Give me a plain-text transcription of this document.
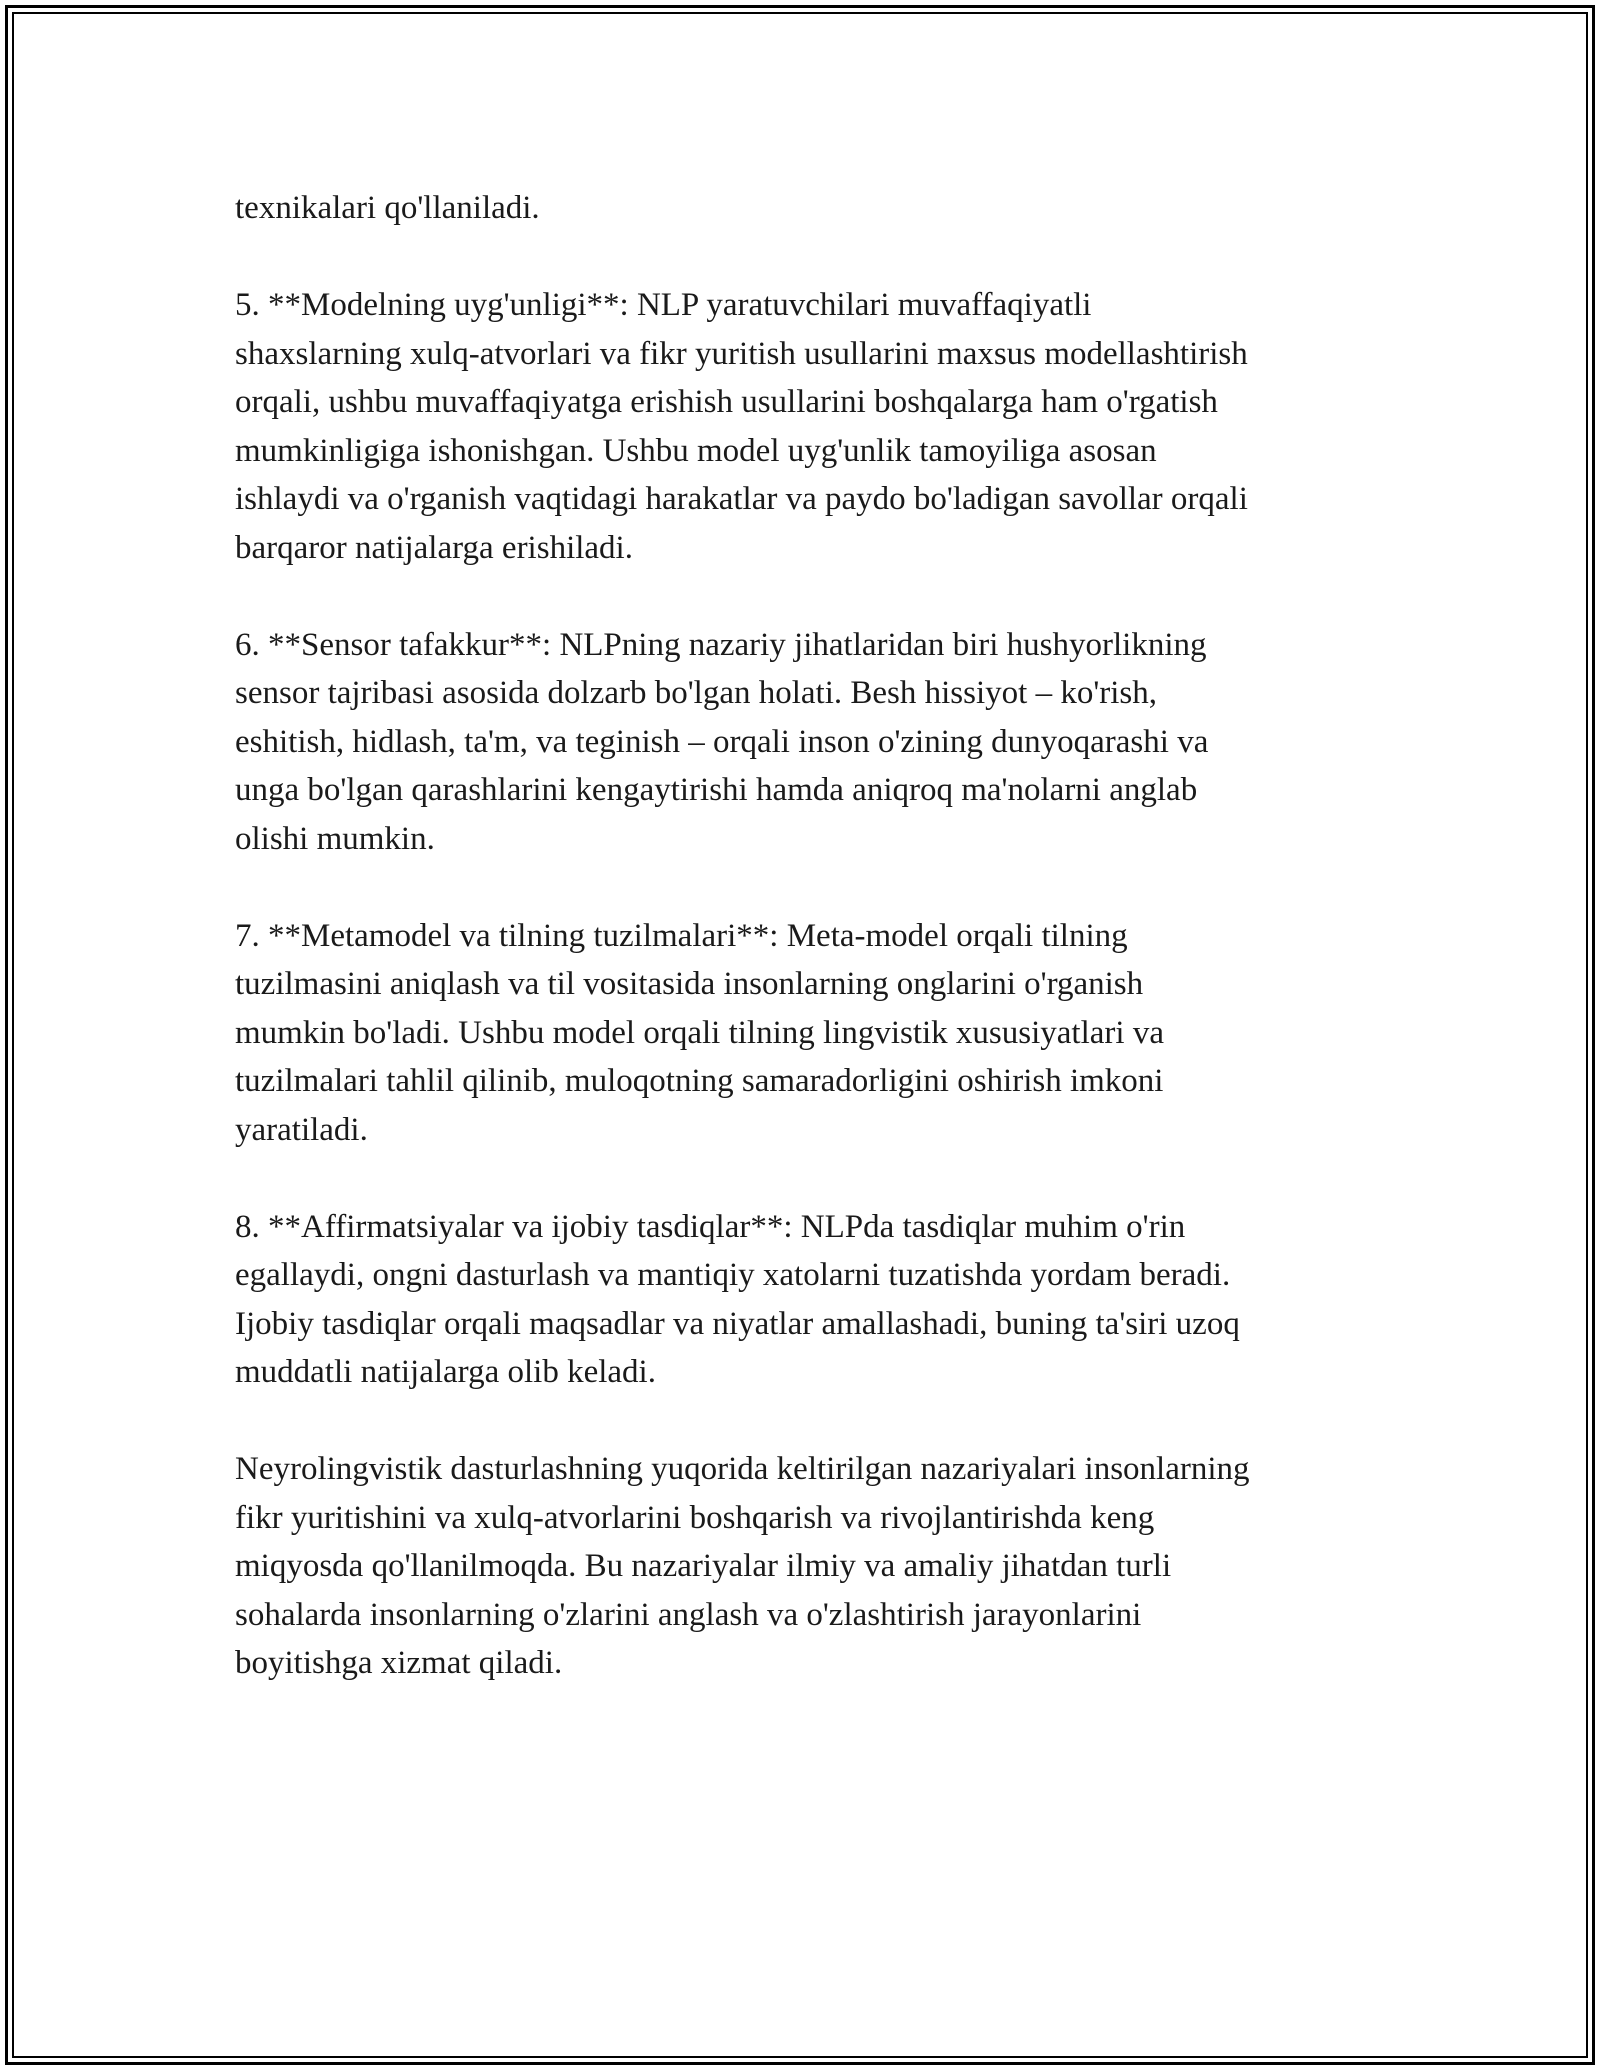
texnikalari qo'llaniladi.

5. **Modelning uyg'unligi**: NLP yaratuvchilari muvaffaqiyatli
shaxslarning xulq-atvorlari va fikr yuritish usullarini maxsus modellashtirish
orqali, ushbu muvaffaqiyatga erishish usullarini boshqalarga ham o'rgatish
mumkinligiga ishonishgan. Ushbu model uyg'unlik tamoyiliga asosan
ishlaydi va o'rganish vaqtidagi harakatlar va paydo bo'ladigan savollar orqali
barqaror natijalarga erishiladi.

6. **Sensor tafakkur**: NLPning nazariy jihatlaridan biri hushyorlikning
sensor tajribasi asosida dolzarb bo'lgan holati. Besh hissiyot – ko'rish,
eshitish, hidlash, ta'm, va teginish – orqali inson o'zining dunyoqarashi va
unga bo'lgan qarashlarini kengaytirishi hamda aniqroq ma'nolarni anglab
olishi mumkin.

7. **Metamodel va tilning tuzilmalari**: Meta-model orqali tilning
tuzilmasini aniqlash va til vositasida insonlarning onglarini o'rganish
mumkin bo'ladi. Ushbu model orqali tilning lingvistik xususiyatlari va
tuzilmalari tahlil qilinib, muloqotning samaradorligini oshirish imkoni
yaratiladi.

8. **Affirmatsiyalar va ijobiy tasdiqlar**: NLPda tasdiqlar muhim o'rin
egallaydi, ongni dasturlash va mantiqiy xatolarni tuzatishda yordam beradi.
Ijobiy tasdiqlar orqali maqsadlar va niyatlar amallashadi, buning ta'siri uzoq
muddatli natijalarga olib keladi.

Neyrolingvistik dasturlashning yuqorida keltirilgan nazariyalari insonlarning
fikr yuritishini va xulq-atvorlarini boshqarish va rivojlantirishda keng
miqyosda qo'llanilmoqda. Bu nazariyalar ilmiy va amaliy jihatdan turli
sohalarda insonlarning o'zlarini anglash va o'zlashtirish jarayonlarini
boyitishga xizmat qiladi.
